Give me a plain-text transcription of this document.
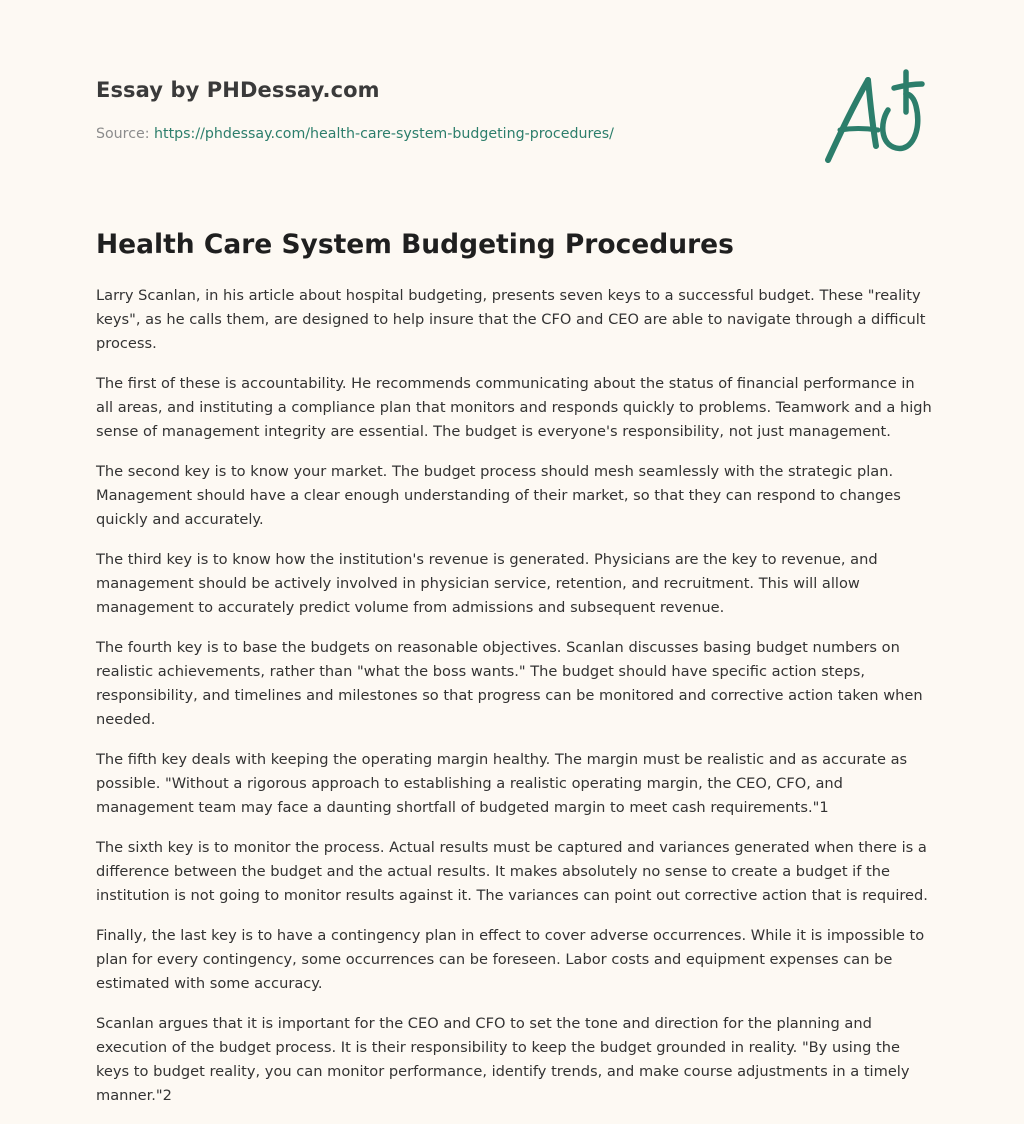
Essay by PHDessay.com
Source: https://phdessay.com/health-care-system-budgeting-procedures/
Health Care System Budgeting Procedures

Larry Scanlan, in his article about hospital budgeting, presents seven keys to a successful budget. These "reality keys", as he calls them, are designed to help insure that the CFO and CEO are able to navigate through a difficult process.

The first of these is accountability. He recommends communicating about the status of financial performance in all areas, and instituting a compliance plan that monitors and responds quickly to problems. Teamwork and a high sense of management integrity are essential. The budget is everyone's responsibility, not just management.

The second key is to know your market. The budget process should mesh seamlessly with the strategic plan. Management should have a clear enough understanding of their market, so that they can respond to changes quickly and accurately.

The third key is to know how the institution's revenue is generated. Physicians are the key to revenue, and management should be actively involved in physician service, retention, and recruitment. This will allow management to accurately predict volume from admissions and subsequent revenue.

The fourth key is to base the budgets on reasonable objectives. Scanlan discusses basing budget numbers on realistic achievements, rather than "what the boss wants." The budget should have specific action steps, responsibility, and timelines and milestones so that progress can be monitored and corrective action taken when needed.

The fifth key deals with keeping the operating margin healthy. The margin must be realistic and as accurate as possible. "Without a rigorous approach to establishing a realistic operating margin, the CEO, CFO, and management team may face a daunting shortfall of budgeted margin to meet cash requirements."1

The sixth key is to monitor the process. Actual results must be captured and variances generated when there is a difference between the budget and the actual results. It makes absolutely no sense to create a budget if the institution is not going to monitor results against it. The variances can point out corrective action that is required.

Finally, the last key is to have a contingency plan in effect to cover adverse occurrences. While it is impossible to plan for every contingency, some occurrences can be foreseen. Labor costs and equipment expenses can be estimated with some accuracy.

Scanlan argues that it is important for the CEO and CFO to set the tone and direction for the planning and execution of the budget process. It is their responsibility to keep the budget grounded in reality. "By using the keys to budget reality, you can monitor performance, identify trends, and make course adjustments in a timely manner."2
